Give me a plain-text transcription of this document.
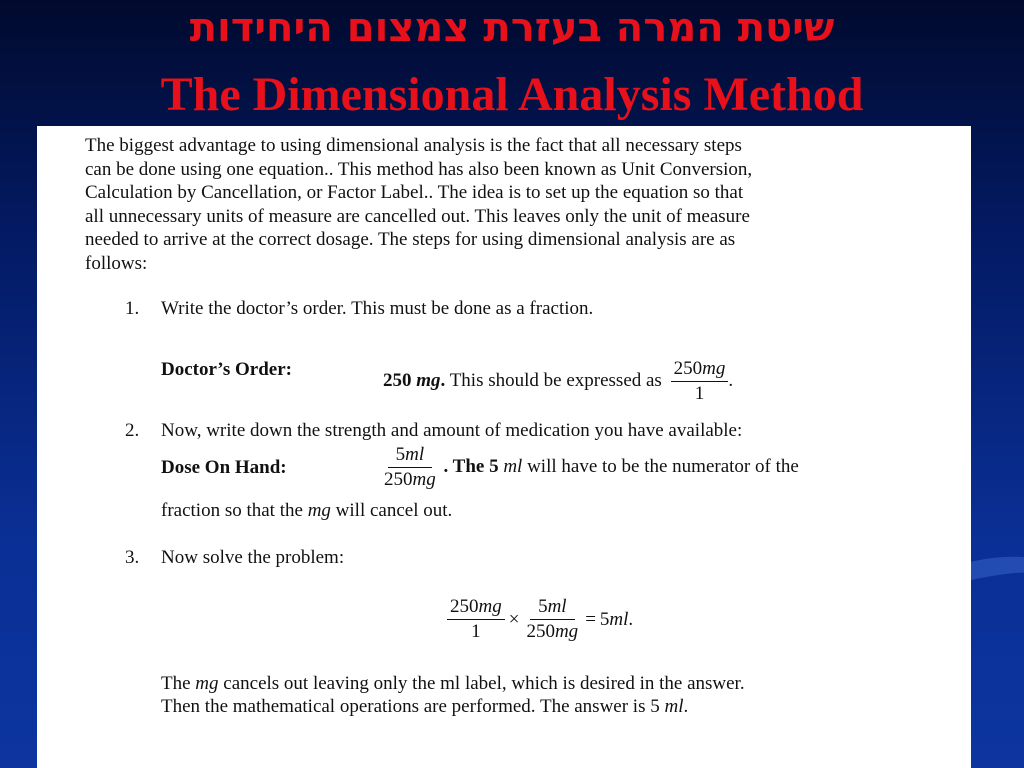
שיטת המרה בעזרת צמצום היחידות
The Dimensional Analysis Method
The biggest advantage to using dimensional analysis is the fact that all necessary steps
can be done using one equation.. This method has also been known as Unit Conversion,
Calculation by Cancellation, or Factor Label.. The idea is to set up the equation so that
all unnecessary units of measure are cancelled out. This leaves only the unit of measure
needed to arrive at the correct dosage. The steps for using dimensional analysis are as
follows:
1. Write the doctor’s order. This must be done as a fraction.
Doctor’s Order:
250 mg. This should be expressed as $\frac{250mg}{1}$ .
2. Now, write down the strength and amount of medication you have available:
Dose On Hand:	$\frac{5ml}{250mg}$ . The 5 ml will have to be the numerator of the
fraction so that the mg will cancel out.
3. Now solve the problem:
$\frac{250mg}{1} \times \frac{5ml}{250mg} = 5ml$.
The mg cancels out leaving only the ml label, which is desired in the answer.
Then the mathematical operations are performed. The answer is 5 ml.
